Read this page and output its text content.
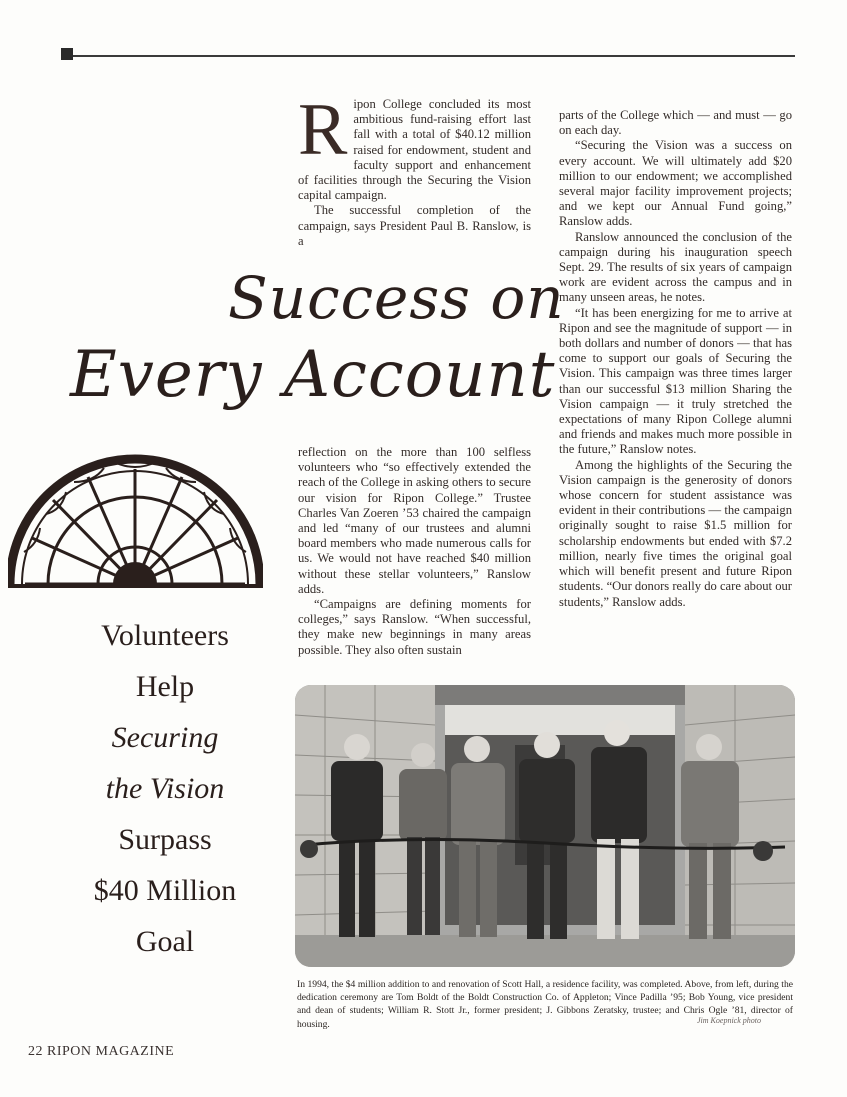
R ipon College concluded its most ambitious fund-raising effort last fall with a total of $40.12 million raised for endowment, student and faculty support and enhancement of facilities through the Securing the Vision capital campaign.

The successful completion of the campaign, says President Paul B. Ranslow, is a

Success on
Every Account

reflection on the more than 100 selfless volunteers who “so effectively extended the reach of the College in asking others to secure our vision for Ripon College.” Trustee Charles Van Zoeren ’53 chaired the campaign and led “many of our trustees and alumni board members who made numerous calls for us. We would not have reached $40 million without these stellar volunteers,” Ranslow adds.

“Campaigns are defining moments for colleges,” says Ranslow. “When successful, they make new beginnings in many areas possible. They also often sustain

parts of the College which — and must — go on each day.

“Securing the Vision was a success on every account. We will ultimately add $20 million to our endowment; we accomplished several major facility improvement projects; and we kept our Annual Fund going,” Ranslow adds.

Ranslow announced the conclusion of the campaign during his inauguration speech Sept. 29. The results of six years of campaign work are evident across the campus and in many unseen areas, he notes.

“It has been energizing for me to arrive at Ripon and see the magnitude of support — in both dollars and number of donors — that has come to support our goals of Securing the Vision. This campaign was three times larger than our successful $13 million Sharing the Vision campaign — it truly stretched the expectations of many Ripon College alumni and friends and makes much more possible in the future,” Ranslow notes.

Among the highlights of the Securing the Vision campaign is the generosity of donors whose concern for student assistance was evident in their contributions — the campaign originally sought to raise $1.5 million for scholarship endowments but ended with $7.2 million, nearly five times the original goal which will benefit present and future Ripon students. “Our donors really do care about our students,” Ranslow adds.

Volunteers
Help
Securing
the Vision
Surpass
$40 Million
Goal
In 1994, the $4 million addition to and renovation of Scott Hall, a residence facility, was completed. Above, from left, during the dedication ceremony are Tom Boldt of the Boldt Construction Co. of Appleton; Vince Padilla ’95; Bob Young, vice president and dean of students; William R. Stott Jr., former president; J. Gibbons Zeratsky, trustee; and Chris Ogle ’81, director of housing.	Jim Koepnick photo
22 RIPON MAGAZINE
